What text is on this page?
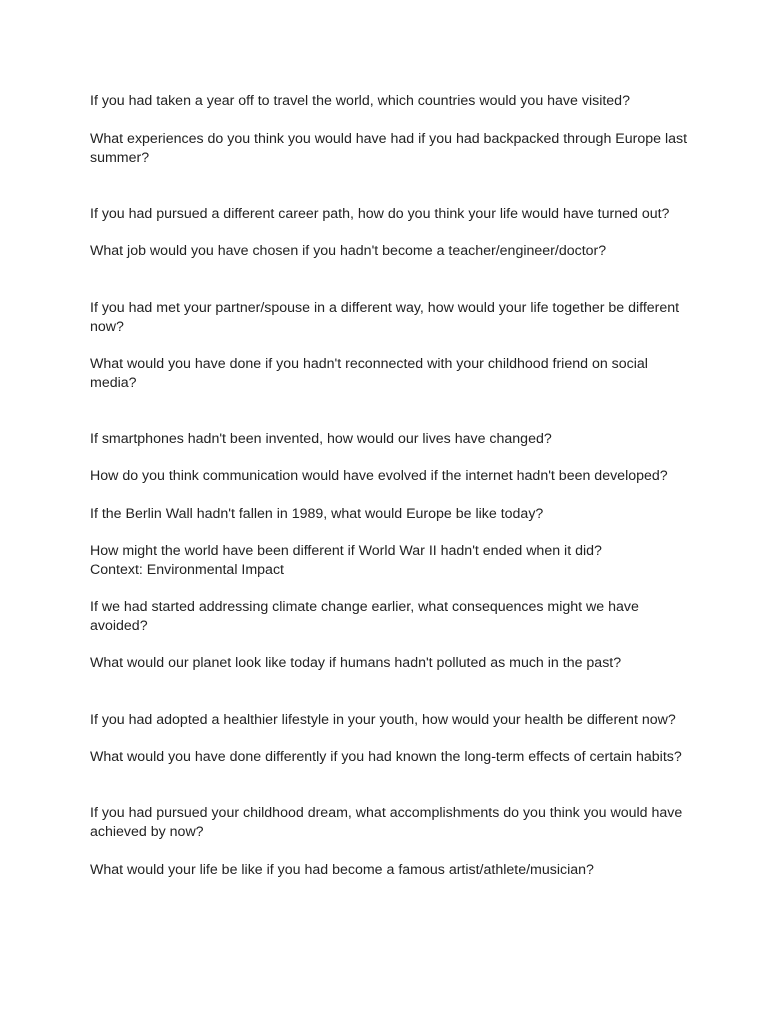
If you had taken a year off to travel the world, which countries would you have visited?

What experiences do you think you would have had if you had backpacked through Europe last summer?

If you had pursued a different career path, how do you think your life would have turned out?

What job would you have chosen if you hadn't become a teacher/engineer/doctor?

If you had met your partner/spouse in a different way, how would your life together be different now?

What would you have done if you hadn't reconnected with your childhood friend on social media?

If smartphones hadn't been invented, how would our lives have changed?

How do you think communication would have evolved if the internet hadn't been developed?

If the Berlin Wall hadn't fallen in 1989, what would Europe be like today?

How might the world have been different if World War II hadn't ended when it did?

Context: Environmental Impact

If we had started addressing climate change earlier, what consequences might we have avoided?

What would our planet look like today if humans hadn't polluted as much in the past?

If you had adopted a healthier lifestyle in your youth, how would your health be different now?

What would you have done differently if you had known the long-term effects of certain habits?

If you had pursued your childhood dream, what accomplishments do you think you would have achieved by now?

What would your life be like if you had become a famous artist/athlete/musician?
